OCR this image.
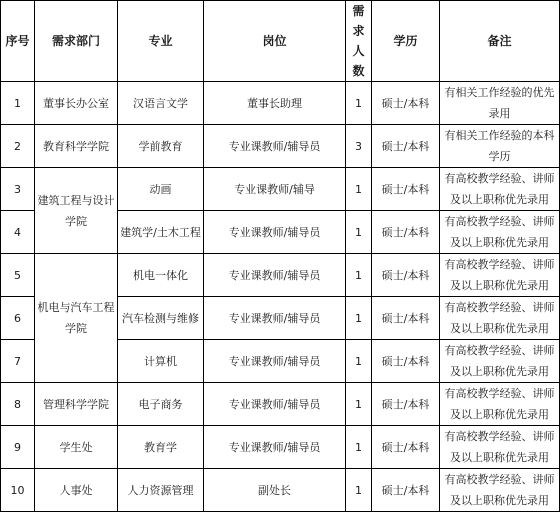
序号	需求部门	专业	岗位	需求人数	学历	备注
1	董事长办公室	汉语言文学	董事长助理	1	硕士/本科	有相关工作经验的优先录用
2	教育科学学院	学前教育	专业课教师/辅导员	3	硕士/本科	有相关工作经验的本科学历
3	建筑工程与设计学院	动画	专业课教师/辅导	1	硕士/本科	有高校教学经验、讲师及以上职称优先录用
4		建筑学/土木工程	专业课教师/辅导员	1	硕士/本科	有高校教学经验、讲师及以上职称优先录用
5	机电与汽车工程学院	机电一体化	专业课教师/辅导员	1	硕士/本科	有高校教学经验、讲师及以上职称优先录用
6		汽车检测与维修	专业课教师/辅导员	1	硕士/本科	有高校教学经验、讲师及以上职称优先录用
7		计算机	专业课教师/辅导员	1	硕士/本科	有高校教学经验、讲师及以上职称优先录用
8	管理科学学院	电子商务	专业课教师/辅导员	1	硕士/本科	有高校教学经验、讲师及以上职称优先录用
9	学生处	教育学	专业课教师/辅导员	1	硕士/本科	有高校教学经验、讲师及以上职称优先录用
10	人事处	人力资源管理	副处长	1	硕士/本科	有高校教学经验、讲师及以上职称优先录用
